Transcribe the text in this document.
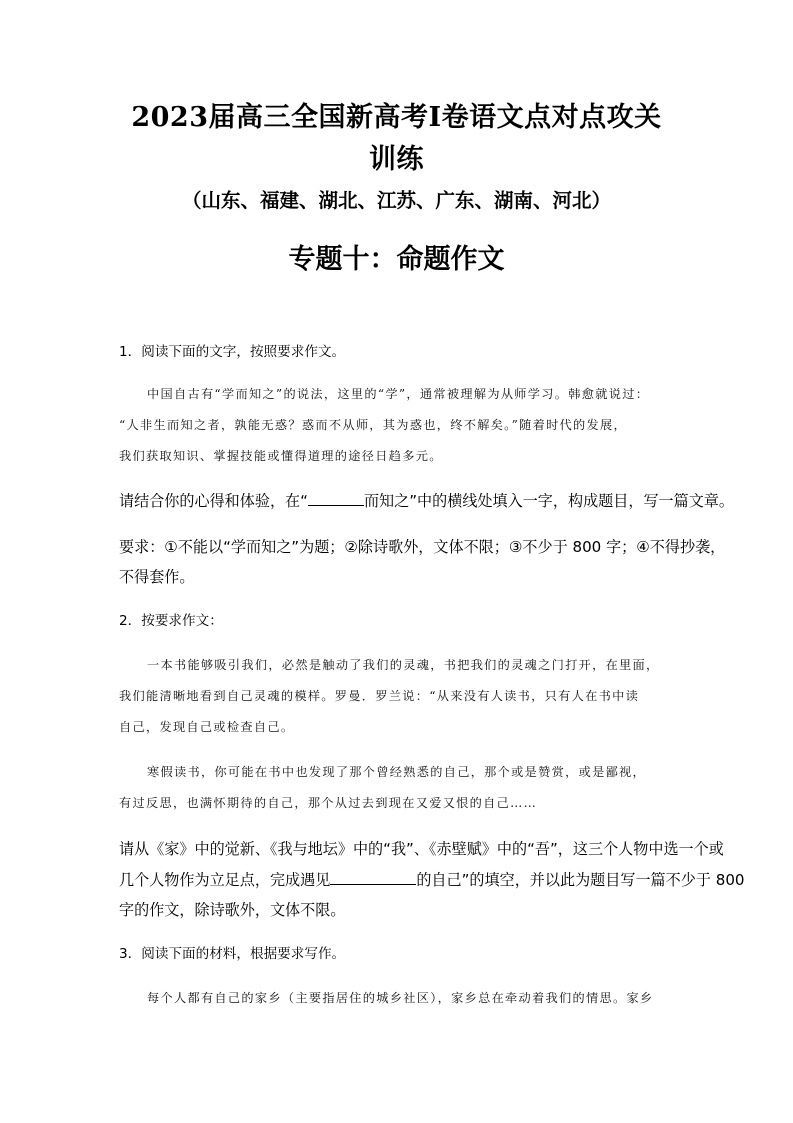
2023届高三全国新高考Ⅰ卷语文点对点攻关
训练
（山东、福建、湖北、江苏、广东、湖南、河北）
专题十：命题作文
1．阅读下面的文字，按照要求作文。
中国自古有“学而知之”的说法，这里的“学”，通常被理解为从师学习。韩愈就说过：
“人非生而知之者，孰能无惑？惑而不从师，其为惑也，终不解矣。”随着时代的发展，
我们获取知识、掌握技能或懂得道理的途径日趋多元。
请结合你的心得和体验，在“	而知之”中的横线处填入一字，构成题目，写一篇文章。
要求：①不能以“学而知之”为题；②除诗歌外，文体不限；③不少于 800 字；④不得抄袭，
不得套作。
2．按要求作文：
一本书能够吸引我们，必然是触动了我们的灵魂，书把我们的灵魂之门打开，在里面，
我们能清晰地看到自己灵魂的模样。罗曼．罗兰说：“从来没有人读书，只有人在书中读
自己，发现自己或检查自己。
寒假读书，你可能在书中也发现了那个曾经熟悉的自己，那个或是赞赏，或是鄙视，
有过反思，也满怀期待的自己，那个从过去到现在又爱又恨的自己……
请从《家》中的觉新、《我与地坛》中的“我”、《赤壁赋》中的“吾”，这三个人物中选一个或
几个人物作为立足点，完成遇见	的自己”的填空，并以此为题目写一篇不少于 800
字的作文，除诗歌外，文体不限。
3．阅读下面的材料，根据要求写作。
每个人都有自己的家乡（主要指居住的城乡社区），家乡总在牵动着我们的情思。家乡
